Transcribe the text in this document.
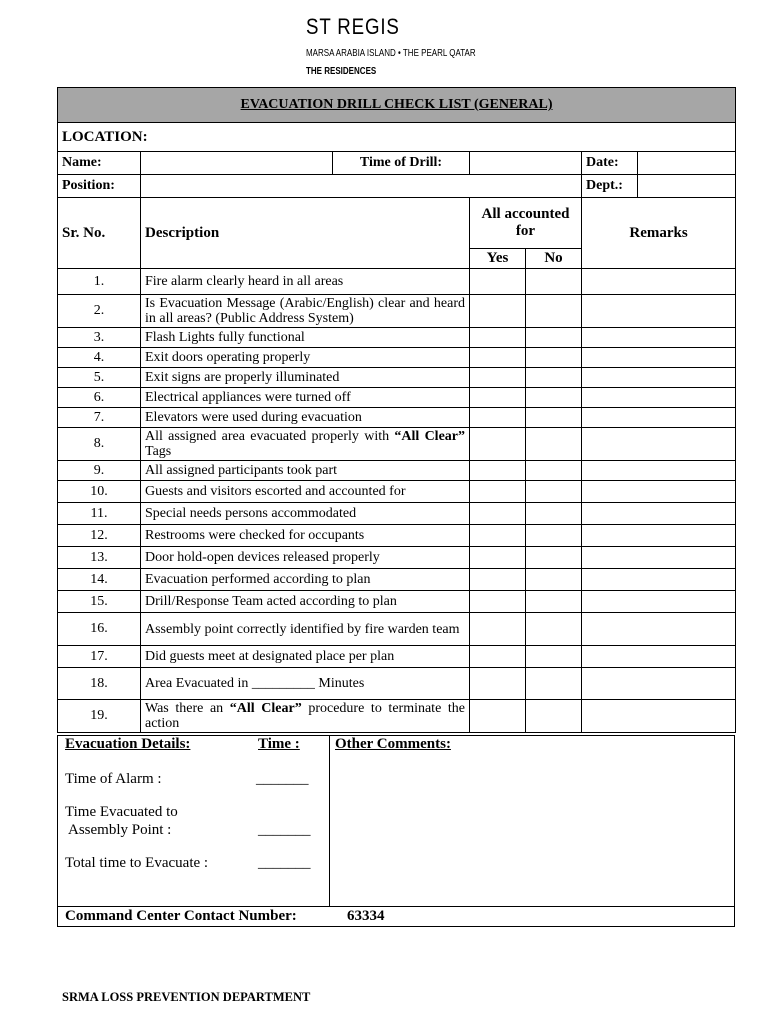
ST REGIS
MARSA ARABIA ISLAND • THE PEARL QATAR
THE RESIDENCES
EVACUATION DRILL CHECK LIST (GENERAL)						
LOCATION:						
Name:		Time of Drill:			Date:	
Position:					Dept.:	
Sr. No.	Description		All accounted for		Remarks	
			Yes	No		
1.	Fire alarm clearly heard in all areas					
2.	Is Evacuation Message (Arabic/English) clear and heard in all areas? (Public Address System)					
3.	Flash Lights fully functional					
4.	Exit doors operating properly					
5.	Exit signs are properly illuminated					
6.	Electrical appliances were turned off					
7.	Elevators were used during evacuation					
8.	All assigned area evacuated properly with “All Clear” Tags					
9.	All assigned participants took part					
10.	Guests and visitors escorted and accounted for					
11.	Special needs persons accommodated					
12.	Restrooms were checked for occupants					
13.	Door hold-open devices released properly					
14.	Evacuation performed according to plan					
15.	Drill/Response Team acted according to plan					
16.	Assembly point correctly identified by fire warden team					
17.	Did guests meet at designated place per plan					
18.	Area Evacuated in _________ Minutes					
19.	Was there an “All Clear” procedure to terminate the action					
Evacuation Details:	Time :
Time of Alarm :	_______
Time Evacuated to
Assembly Point :	_______
Total time to Evacuate :	_______
Other Comments:
Command Center Contact Number:	63334
SRMA LOSS PREVENTION DEPARTMENT
